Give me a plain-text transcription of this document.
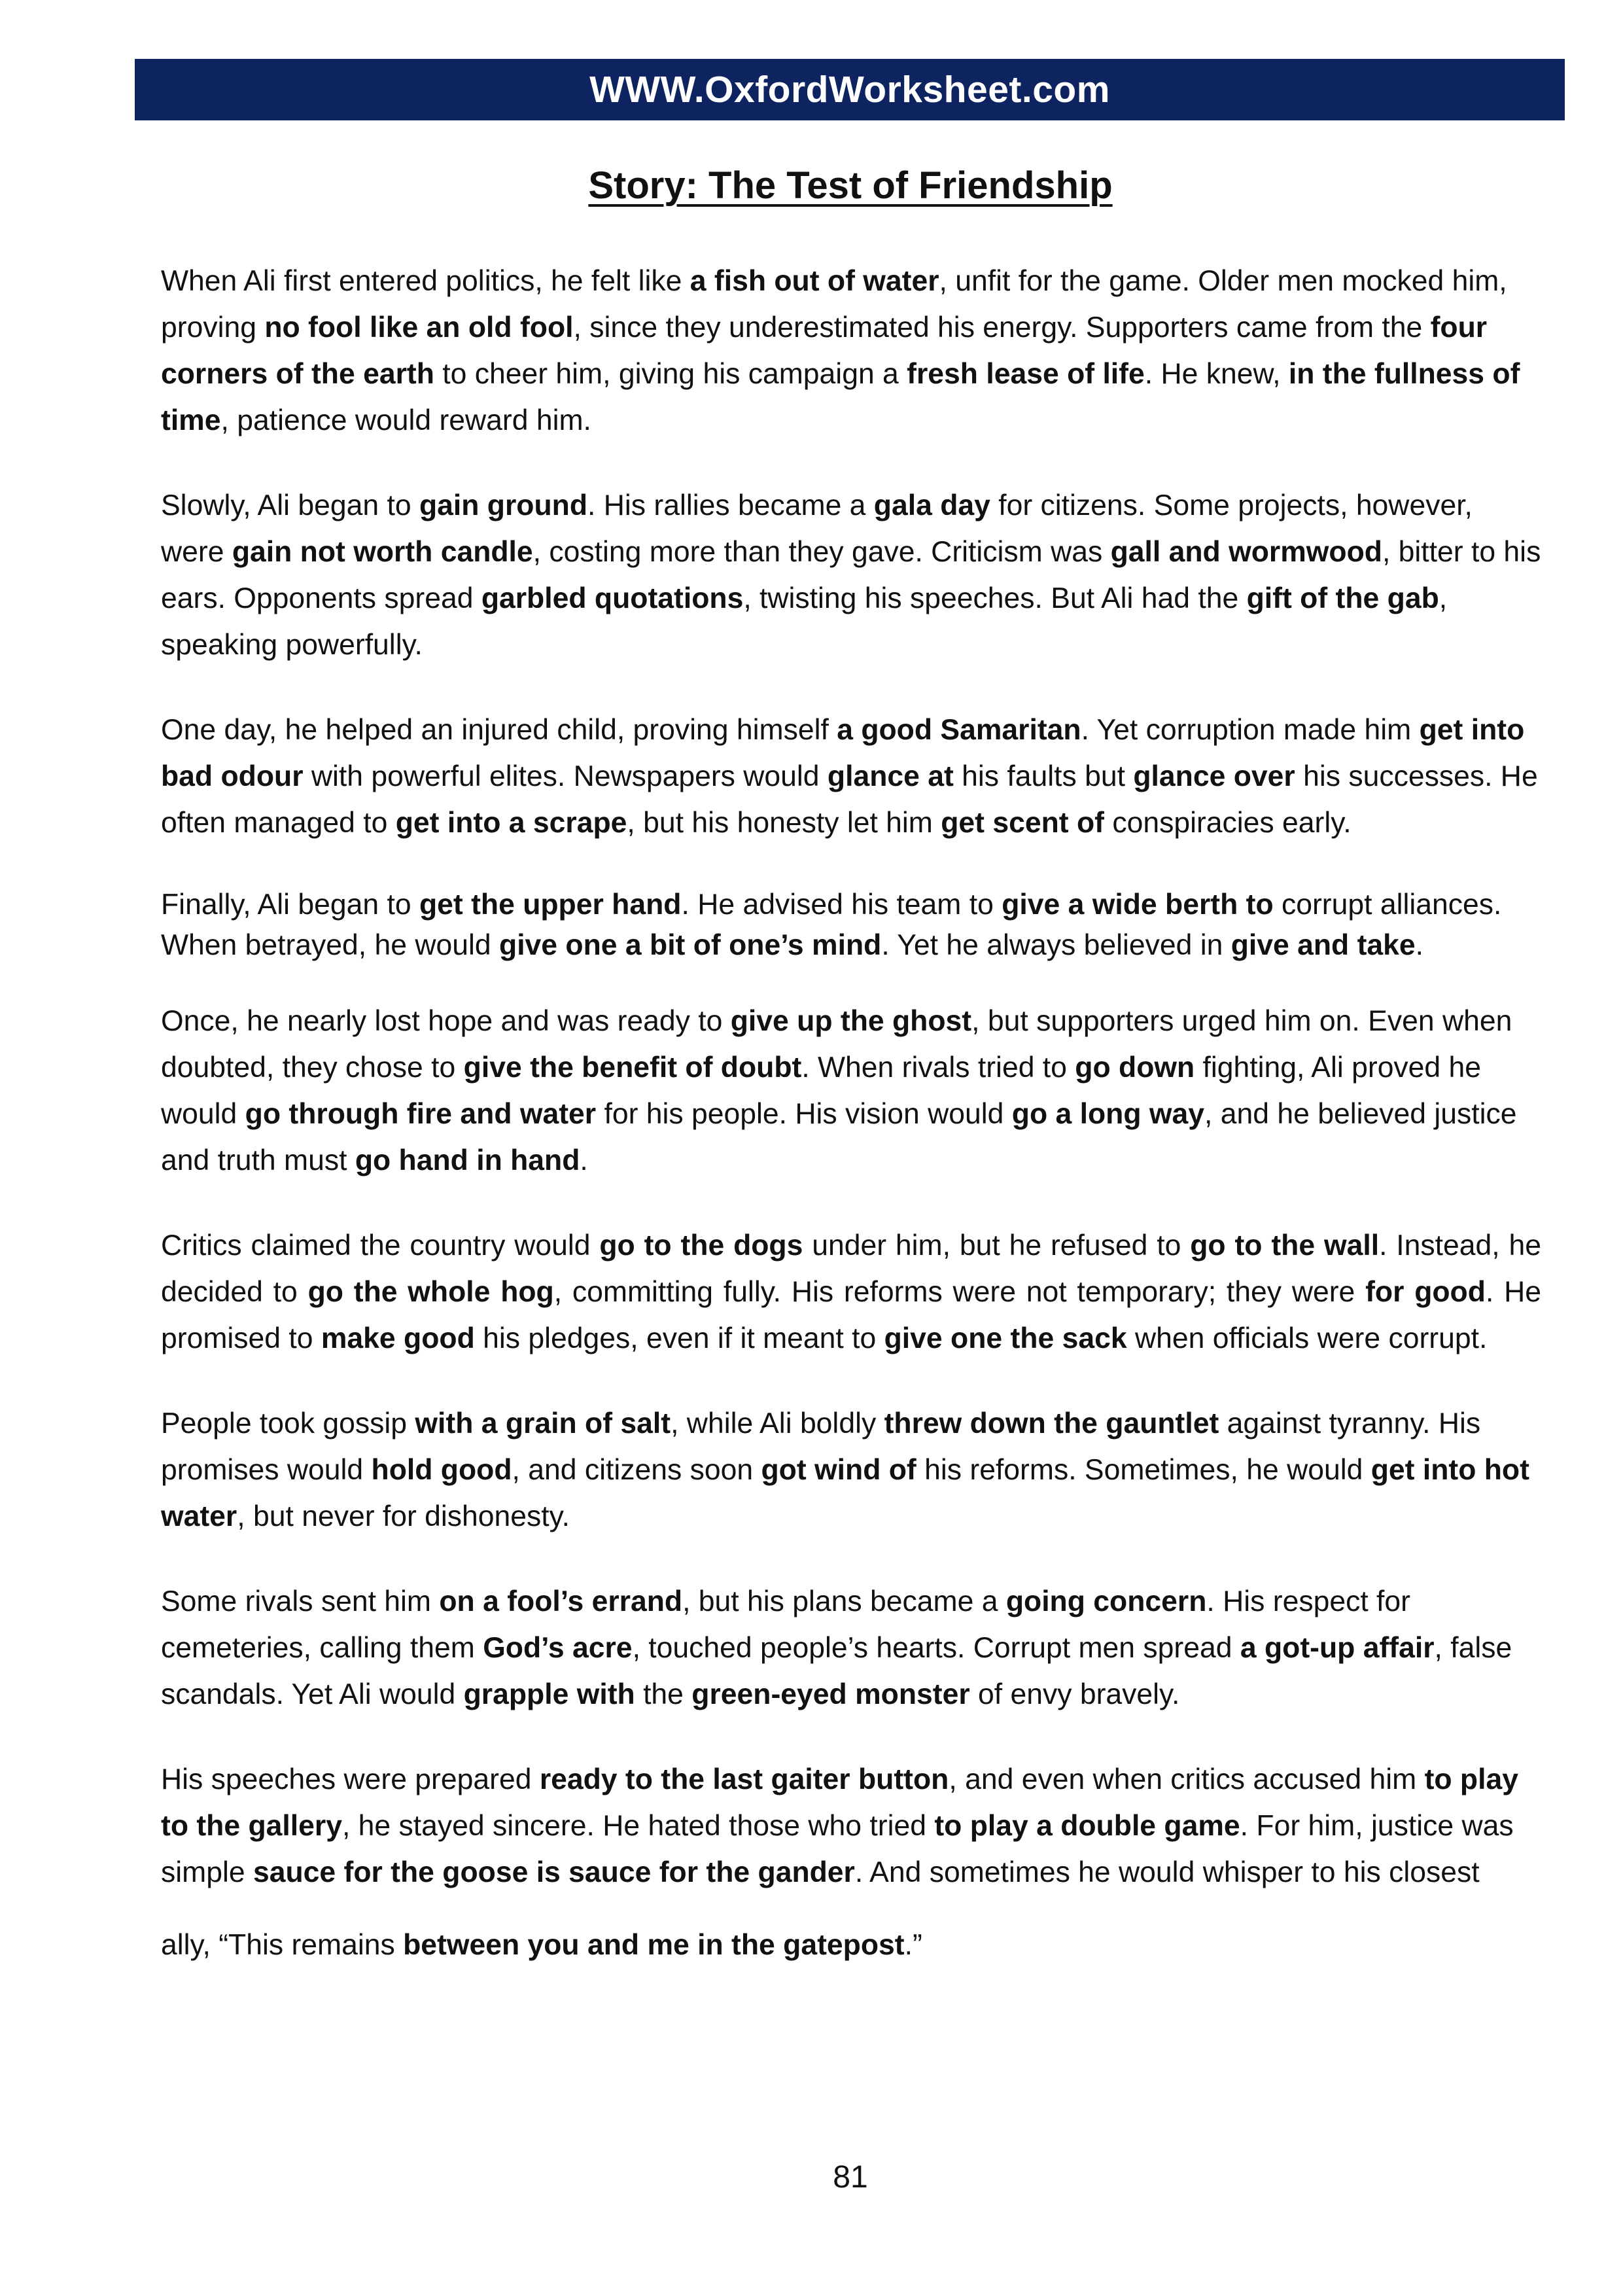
WWW.OxfordWorksheet.com
Story: The Test of Friendship

When Ali first entered politics, he felt like a fish out of water, unfit for the game. Older men mocked him, proving no fool like an old fool, since they underestimated his energy. Supporters came from the four corners of the earth to cheer him, giving his campaign a fresh lease of life. He knew, in the fullness of time, patience would reward him.

Slowly, Ali began to gain ground. His rallies became a gala day for citizens. Some projects, however, were gain not worth candle, costing more than they gave. Criticism was gall and wormwood, bitter to his ears. Opponents spread garbled quotations, twisting his speeches. But Ali had the gift of the gab, speaking powerfully.

One day, he helped an injured child, proving himself a good Samaritan. Yet corruption made him get into bad odour with powerful elites. Newspapers would glance at his faults but glance over his successes. He often managed to get into a scrape, but his honesty let him get scent of conspiracies early.

Finally, Ali began to get the upper hand. He advised his team to give a wide berth to corrupt alliances. When betrayed, he would give one a bit of one’s mind. Yet he always believed in give and take.

Once, he nearly lost hope and was ready to give up the ghost, but supporters urged him on. Even when doubted, they chose to give the benefit of doubt. When rivals tried to go down fighting, Ali proved he would go through fire and water for his people. His vision would go a long way, and he believed justice and truth must go hand in hand.

Critics claimed the country would go to the dogs under him, but he refused to go to the wall. Instead, he decided to go the whole hog, committing fully. His reforms were not temporary; they were for good. He promised to make good his pledges, even if it meant to give one the sack when officials were corrupt.

People took gossip with a grain of salt, while Ali boldly threw down the gauntlet against tyranny. His promises would hold good, and citizens soon got wind of his reforms. Sometimes, he would get into hot water, but never for dishonesty.

Some rivals sent him on a fool’s errand, but his plans became a going concern. His respect for cemeteries, calling them God’s acre, touched people’s hearts. Corrupt men spread a got-up affair, false scandals. Yet Ali would grapple with the green-eyed monster of envy bravely.

His speeches were prepared ready to the last gaiter button, and even when critics accused him to play to the gallery, he stayed sincere. He hated those who tried to play a double game. For him, justice was simple sauce for the goose is sauce for the gander. And sometimes he would whisper to his closest

ally, “This remains between you and me in the gatepost.”

81
